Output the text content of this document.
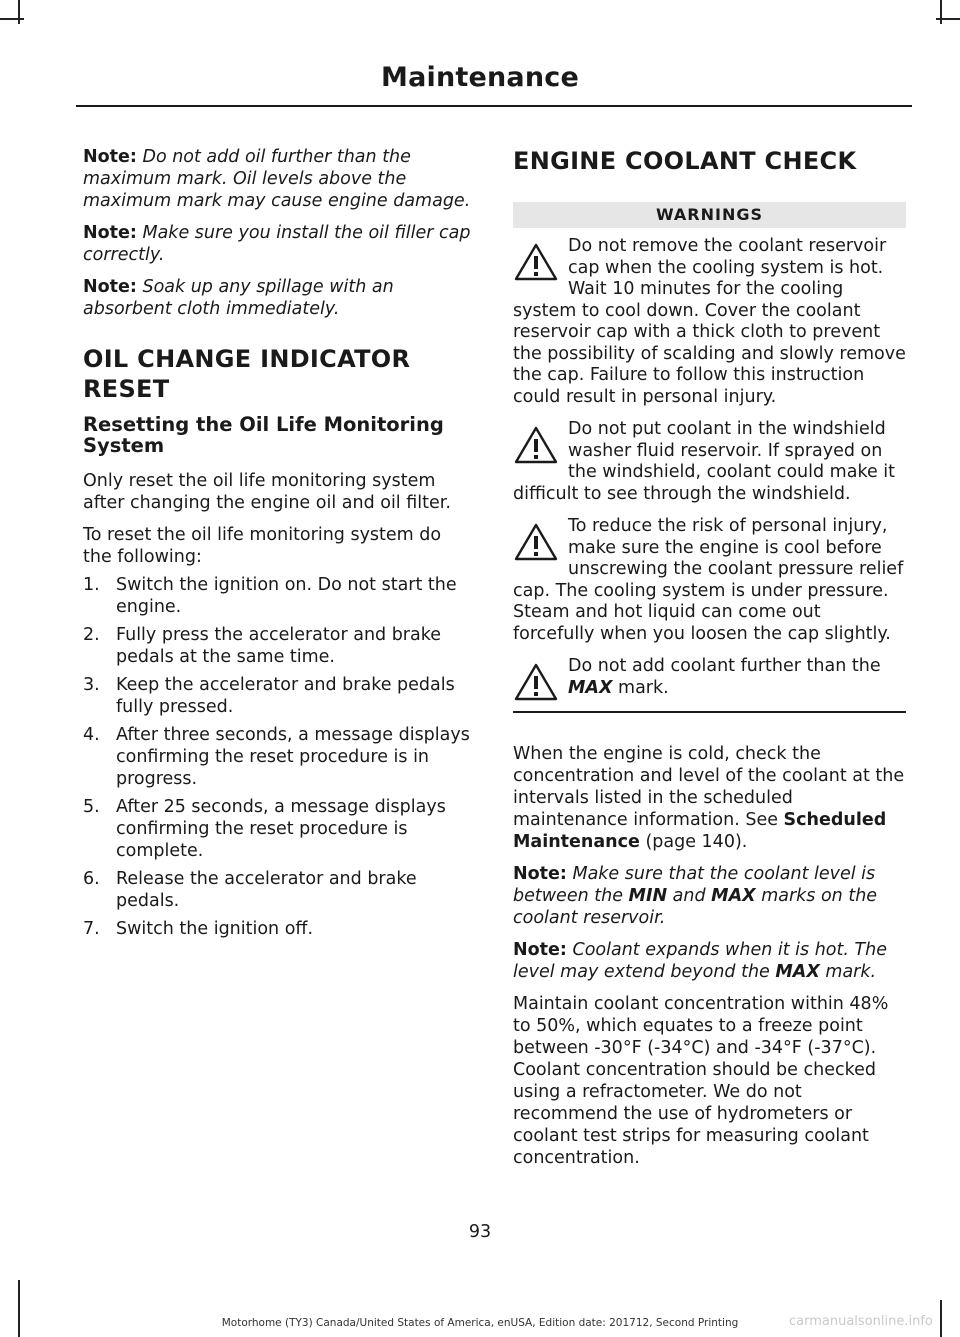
Maintenance

Note: Do not add oil further than the maximum mark. Oil levels above the maximum mark may cause engine damage.

Note: Make sure you install the oil filler cap correctly.

Note: Soak up any spillage with an absorbent cloth immediately.

OIL CHANGE INDICATOR
RESET
Resetting the Oil Life Monitoring System

Only reset the oil life monitoring system after changing the engine oil and oil filter.

To reset the oil life monitoring system do the following:

1. Switch the ignition on. Do not start the engine.
2. Fully press the accelerator and brake pedals at the same time.
3. Keep the accelerator and brake pedals fully pressed.
4. After three seconds, a message displays confirming the reset procedure is in progress.
5. After 25 seconds, a message displays confirming the reset procedure is complete.
6. Release the accelerator and brake pedals.
7. Switch the ignition off.
ENGINE COOLANT CHECK
WARNINGS
Do not remove the coolant reservoir cap when the cooling system is hot. Wait 10 minutes for the cooling system to cool down. Cover the coolant reservoir cap with a thick cloth to prevent the possibility of scalding and slowly remove the cap. Failure to follow this instruction could result in personal injury.
Do not put coolant in the windshield washer fluid reservoir. If sprayed on the windshield, coolant could make it difficult to see through the windshield.
To reduce the risk of personal injury, make sure the engine is cool before unscrewing the coolant pressure relief cap. The cooling system is under pressure. Steam and hot liquid can come out forcefully when you loosen the cap slightly.
Do not add coolant further than the MAX mark.

When the engine is cold, check the concentration and level of the coolant at the intervals listed in the scheduled maintenance information. See Scheduled Maintenance (page 140).

Note: Make sure that the coolant level is between the MIN and MAX marks on the coolant reservoir.

Note: Coolant expands when it is hot. The level may extend beyond the MAX mark.

Maintain coolant concentration within 48% to 50%, which equates to a freeze point between -30°F (-34°C) and -34°F (-37°C). Coolant concentration should be checked using a refractometer. We do not recommend the use of hydrometers or coolant test strips for measuring coolant concentration.

93
Motorhome (TY3) Canada/United States of America, enUSA, Edition date: 201712, Second Printing	carmanualsonline.info
